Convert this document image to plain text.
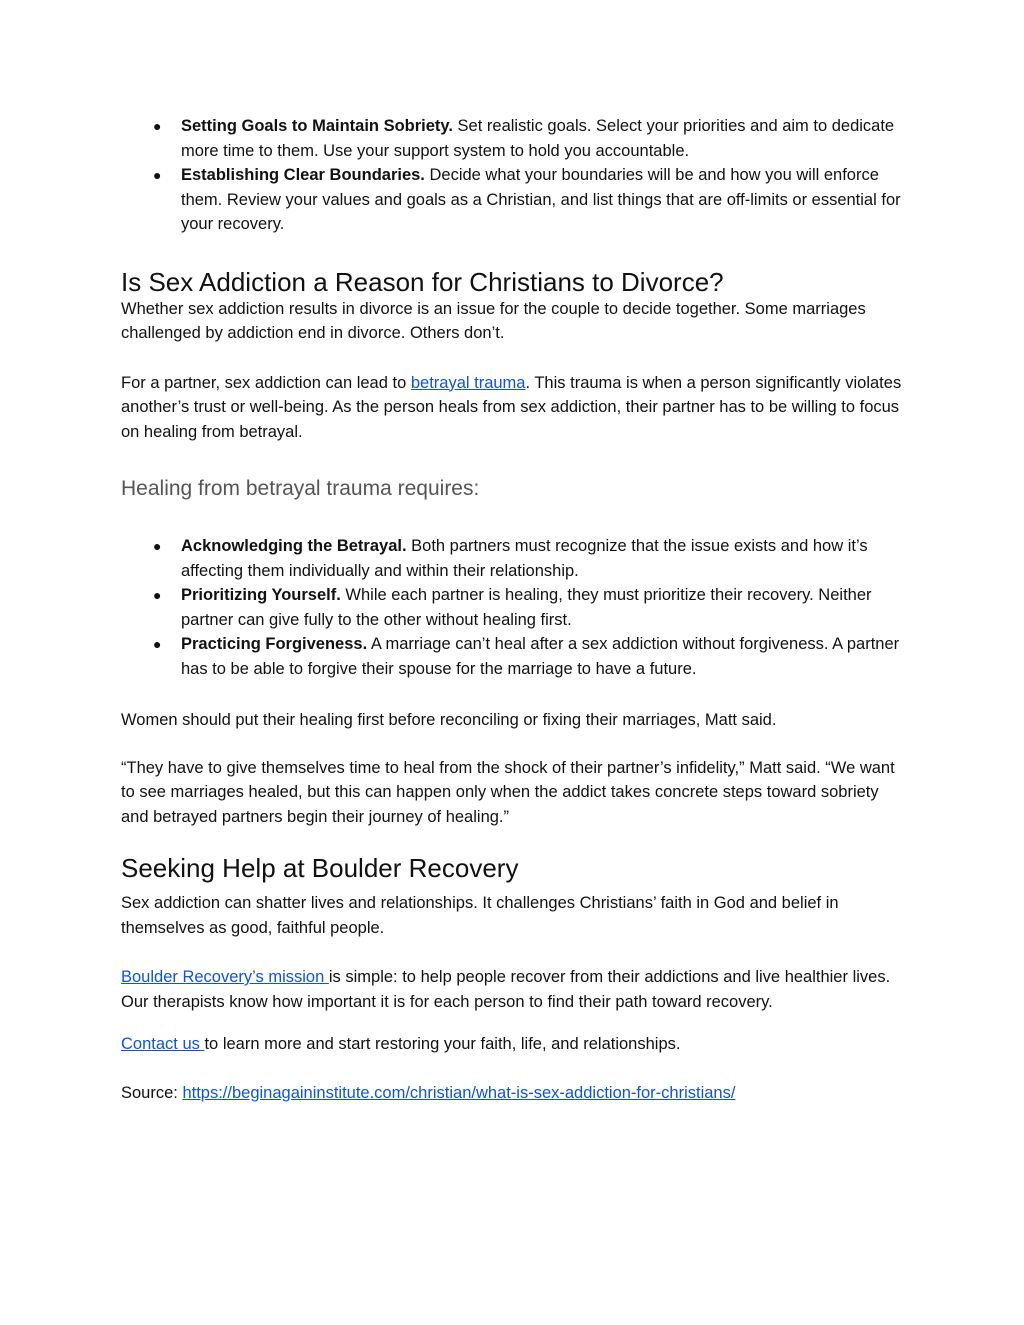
● Setting Goals to Maintain Sobriety. Set realistic goals. Select your priorities and aim to dedicate more time to them. Use your support system to hold you accountable.
● Establishing Clear Boundaries. Decide what your boundaries will be and how you will enforce them. Review your values and goals as a Christian, and list things that are off-limits or essential for your recovery.
Is Sex Addiction a Reason for Christians to Divorce?

Whether sex addiction results in divorce is an issue for the couple to decide together. Some marriages challenged by addiction end in divorce. Others don’t.

For a partner, sex addiction can lead to betrayal trauma. This trauma is when a person significantly violates another’s trust or well-being. As the person heals from sex addiction, their partner has to be willing to focus on healing from betrayal.

Healing from betrayal trauma requires:
● Acknowledging the Betrayal. Both partners must recognize that the issue exists and how it’s affecting them individually and within their relationship.
● Prioritizing Yourself. While each partner is healing, they must prioritize their recovery. Neither partner can give fully to the other without healing first.
● Practicing Forgiveness. A marriage can’t heal after a sex addiction without forgiveness. A partner has to be able to forgive their spouse for the marriage to have a future.

Women should put their healing first before reconciling or fixing their marriages, Matt said.

“They have to give themselves time to heal from the shock of their partner’s infidelity,” Matt said. “We want to see marriages healed, but this can happen only when the addict takes concrete steps toward sobriety and betrayed partners begin their journey of healing.”

Seeking Help at Boulder Recovery

Sex addiction can shatter lives and relationships. It challenges Christians’ faith in God and belief in themselves as good, faithful people.

Boulder Recovery’s mission is simple: to help people recover from their addictions and live healthier lives. Our therapists know how important it is for each person to find their path toward recovery.

Contact us to learn more and start restoring your faith, life, and relationships.

Source: https://beginagaininstitute.com/christian/what-is-sex-addiction-for-christians/
